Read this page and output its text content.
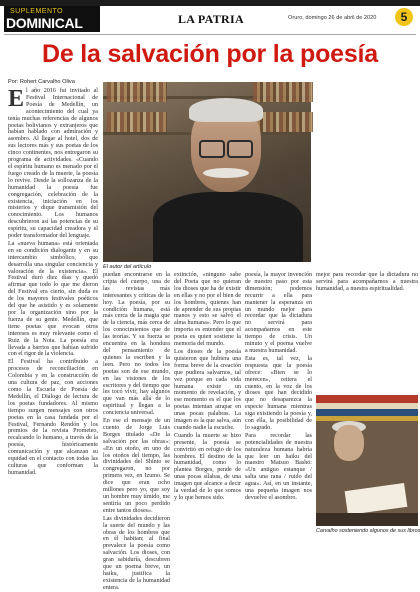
SUPLEMENTO
DOMINICAL	LA PATRIA	Oruro, domingo 26 de abril de 2020	5
De la salvación por la poesía
Por: Rohert Carvalho Oliva
E l año 2016 fui invitado al Festival Internacional de Poesía de Medellín, un acontecimiento del cual ya tenía muchas referencias de algunos poetas bolivianos y extranjeros que habían hablado con admiración y asombro. Al llegar al hotel, dos de sus lectores más y sus poetas de los cinco continentes, nos entregaron su programa de actividades. «Cuando el espíritu humano es menado por el fuego creado de la muerte, la poesía lo revive. Desde la sollozanza de la humanidad la poesía fue congregación, celebración de la existencia, iniciación en los misterios y dique transmisión del conocimiento. Los humanos descubrieron así las potencias de su espíritu, su capacidad creadora y el poder transformador del lenguaje.

La «nueva humana» está orientada en su condición dialogante y en su intercambio simbólico, que desarrolla una singular conciencia y valoración de la existencia». El Festival duró diez días y quedó afirmar que todo lo que me dieron del Festival era cierto, sin duda es de los mayores festivales poéticos del que he asistido y es solamente por la organización sino por la fuerza de su gente. Medellín, que tiene poetas que evocan otros intereses es muy relevante como el Ruiz de la Nota. La poesía era llevada a barrios que habían sufrido con el rigor de la violencia.

El Festival ha contribuido a procesos de reconciliación en Colombia y en la construcción de una cultura de paz, con acciones como la Escuela de Poesía de Medellín, el Diálogo de lectura de los poetas fundadores. Al mismo tiempo surgen mensajes con otros poetas en la casa fundada por el Festival, Fernando Rendón y los premios de la revista Prometeo, recalcando lo humano, a través de la poesía, históricamente comunicación y que alcanzan su equidad en el contacto con todas las culturas que conforman la humanidad.

El autor del artículo

puedan encontrarse en la cripta del cuerpo, una de las revistas más interesantes y críticas de la hoy. La poesía, por su condición humana, está más cerca de la magia que de la ciencia, más cerca de los conocimientos que de las teorías. Y su fuerza se encuentra en la hondura del pensamiento de quienes la escriben y la leen. Pero no todos los poetas son de ese mundo, en las visiones de los escritores y del tiempo que les tocó vivir, hay algunos que van más allá de lo espiritual y llegan a la conciencia universal.

En ese el mensaje de un cuento de Jorge Luis Borges titulado «De la salvación por las obras»: «En un otoño, en uno de los otoños del tiempo, las divinidades del Shinto se congregaron, no por primera vez, en Izumo. Se dice que eran ocho millones pero yo, que soy un hombre muy tímido, me sentiría un poco perdido entre tantos dioses».

Las divinidades decidieron la suerte del mundo y las obras de los hombres que en él habitan; al final prevalece la poesía como salvación. Los dioses, con gran sabiduría, descubren que un poema breve, un haiku, justifica la existencia de la humanidad entera.

extinción, «ninguno sabe del Poeta que no quieran los dioses que ha de existir en ellas y no por el bien de los hombres, quienes han de aprender de sus propias manos y esto se salvó el alma humana». Pero lo que importa es entender que el poeta es quien sostiene la memoria del mundo.

Los dioses de la poesía quisieron que hubiera una forma breve de la creación que pudiera salvarnos, tal vez porque en cada vida humana existe un momento de revelación, y ese momento es el que los poetas intentan atrapar en unas pocas palabras. La imagen es la que salva, aún cuando nadie la escuche.

Cuando la muerte se hizo presente, la poesía se convirtió en refugio de los hombres. El destino de la humanidad, como lo plantea Borges, pende de unas pocas sílabas, de una imagen que alcance a decir la verdad de lo que somos y lo que hemos sido.

poesía, la mayor invención de nuestro paso por esta dimensión; podemos recurrir a ella para mantener la esperanza en un mundo mejor para recordar que la dictadura no servirá para acompañarnos en este tiempo de crisis. Un minuto y el poema vuelve a nuestra humanidad.

Esta es, tal vez, la respuesta que la poesía ofrece: «Bien se lo merecen», reitera el cuento, en la voz de los dioses que han decidido que no desaparezca la especie humana mientras siga existiendo la poesía y, con ella, la posibilidad de lo sagrado.

Para recordar las potencialidades de nuestra naturaleza humana habría que leer un haiku del maestro Matsuo Bashō: «Un antiguo estanque / salta una rana / ruido del agua». Así, en un instante, una pequeña imagen nos devuelve el asombro.

mejor para recordar que la dictadura no servirá para acompañarnos a nuestra humanidad, a nuestra espiritualidad.

Carvalho sosteniendo algunos de sus libros
